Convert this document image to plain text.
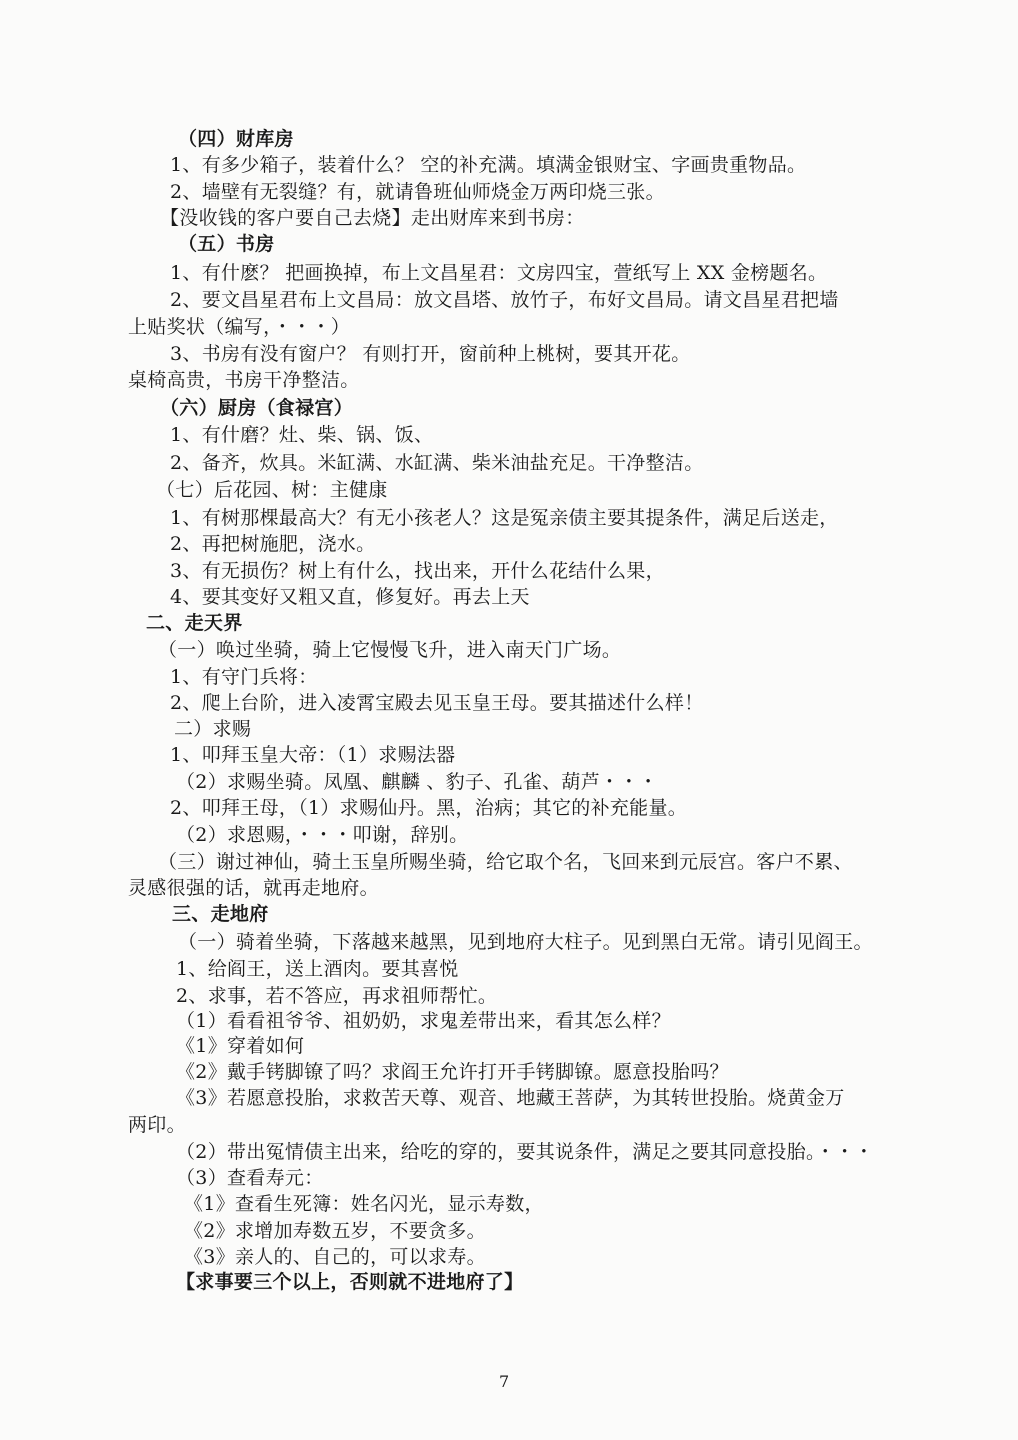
（四）财库房
1、有多少箱子，装着什么？ 空的补充满。填满金银财宝、字画贵重物品。
2、墙壁有无裂缝？有，就请鲁班仙师烧金万两印烧三张。
【没收钱的客户要自己去烧】走出财库来到书房：
（五）书房
1、有什麽？ 把画换掉，布上文昌星君：文房四宝，萱纸写上 XX 金榜题名。
2、要文昌星君布上文昌局：放文昌塔、放竹子，布好文昌局。请文昌星君把墙
上贴奖状（编写，・・・）
3、书房有没有窗户？ 有则打开，窗前种上桃树，要其开花。
桌椅高贵，书房干净整洁。
（六）厨房（食禄宫）
1、有什磨？灶、柴、锅、饭、
2、备齐，炊具。米缸满、水缸满、柴米油盐充足。干净整洁。
（七）后花园、树：主健康
1、有树那棵最高大？有无小孩老人？这是冤亲债主要其提条件，满足后送走，
2、再把树施肥，浇水。
3、有无损伤？树上有什么，找出来，开什么花结什么果，
4、要其变好又粗又直，修复好。再去上天
二、走天界
（一）唤过坐骑，骑上它慢慢飞升，进入南天门广场。
1、有守门兵将：
2、爬上台阶，进入凌霄宝殿去见玉皇王母。要其描述什么样！
二）求赐
1、叩拜玉皇大帝：（1）求赐法器
（2）求赐坐骑。凤凰、麒麟 、豹子、孔雀、葫芦・・・
2、叩拜王母，（1）求赐仙丹。黑，治病；其它的补充能量。
（2）求恩赐，・・・叩谢，辞别。
（三）谢过神仙，骑土玉皇所赐坐骑，给它取个名，飞回来到元辰宫。客户不累、
灵感很强的话，就再走地府。
三、走地府
（一）骑着坐骑，下落越来越黑，见到地府大柱子。见到黑白无常。请引见阎王。
1、给阎王，送上酒肉。要其喜悦
2、求事，若不答应，再求祖师帮忙。
（1）看看祖爷爷、祖奶奶，求鬼差带出来，看其怎么样？
《1》穿着如何
《2》戴手铐脚镣了吗？求阎王允许打开手铐脚镣。愿意投胎吗？
《3》若愿意投胎，求救苦天尊、观音、地藏王菩萨，为其转世投胎。烧黄金万
两印。
（2）带出冤情债主出来，给吃的穿的，要其说条件，满足之要其同意投胎。・・・
（3）查看寿元：
《1》查看生死簿：姓名闪光，显示寿数，
《2》求增加寿数五岁，不要贪多。
《3》亲人的、自己的，可以求寿。
【求事要三个以上，否则就不进地府了】
7
